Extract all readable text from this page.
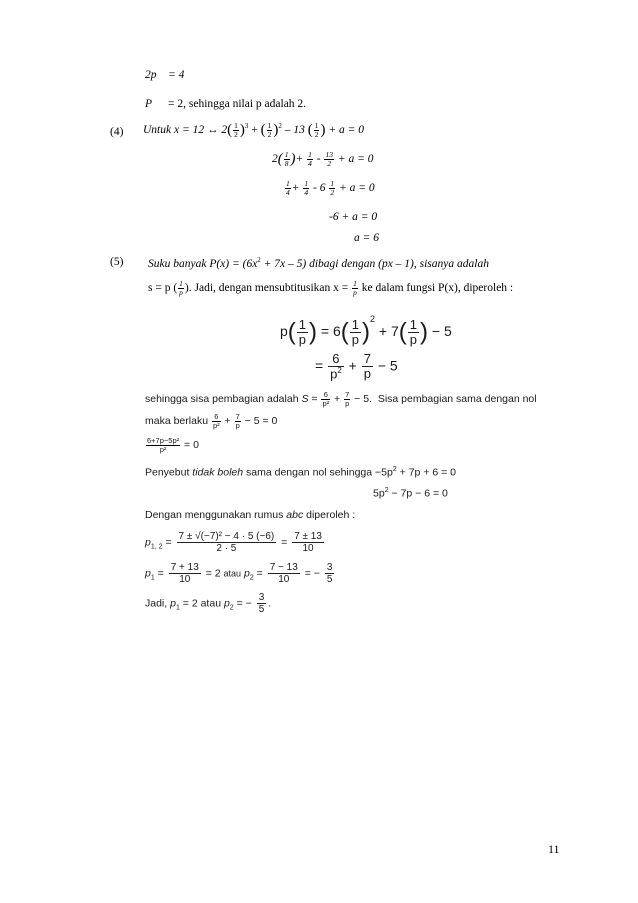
2p = 4
P = 2, sehingga nilai p adalah 2.
(4) Untuk x = 12 ↔ $2( \frac{1}{2} )^3$ + ( $\frac{1}{2} )^2 - 13$ ( $\frac{1}{2}$ ) + a = 0
$2( \frac{1}{8}$ )+ $\frac{1}{4} - \frac{13}{2} + a = 0$
$\frac{1}{4} + \frac{1}{4} - 6 \frac{1}{2} + a = 0$
-6 + a = 0
a = 6
(5) Suku banyak $P(x) = (6x^2 + 7x - 5)$ dibagi dengan (px – 1), sisanya adalah
s = p ( $\frac{1}{p}$ ). Jadi, dengan mensubtitusikan $x = \frac{1}{p}$ ke dalam fungsi P(x), diperoleh :
$p( \frac{1}{p}$ ) = $6( \frac{1}{p} )^2 + 7( \frac{1}{p}$ ) − 5
= $\frac{6}{p^2} + \frac{7}{p} - 5$
sehingga sisa pembagian adalah $S = \frac{6}{\text{p²}} + \frac{7}{p} - 5$.  Sisa pembagian sama dengan nol
maka berlaku $\frac{6}{\text{p²}} + \frac{7}{p} - 5 = 0$
$\frac{\text{6+7p−5p²}}{\text{p²}} = 0$
Penyebut tidak boleh sama dengan nol sehingga $-5p^2 + 7p + 6 = 0$
$5p^2 - 7p - 6 = 0$
Dengan menggunakan rumus abc diperoleh :
$p_{1, 2} = \frac{\text{7 ± √(−7)² − 4 · 5 (−6)}}{2 \cdot 5} = \frac{7 \pm 13}{10}$
$p_1 = \frac{7 + 13}{10} = 2$ atau $p_2 = \frac{7 - 13}{10}$ = − $\frac{3}{5}$
Jadi, $p_1 = 2$ atau $p_2$ = − $\frac{3}{5}$ .
11
